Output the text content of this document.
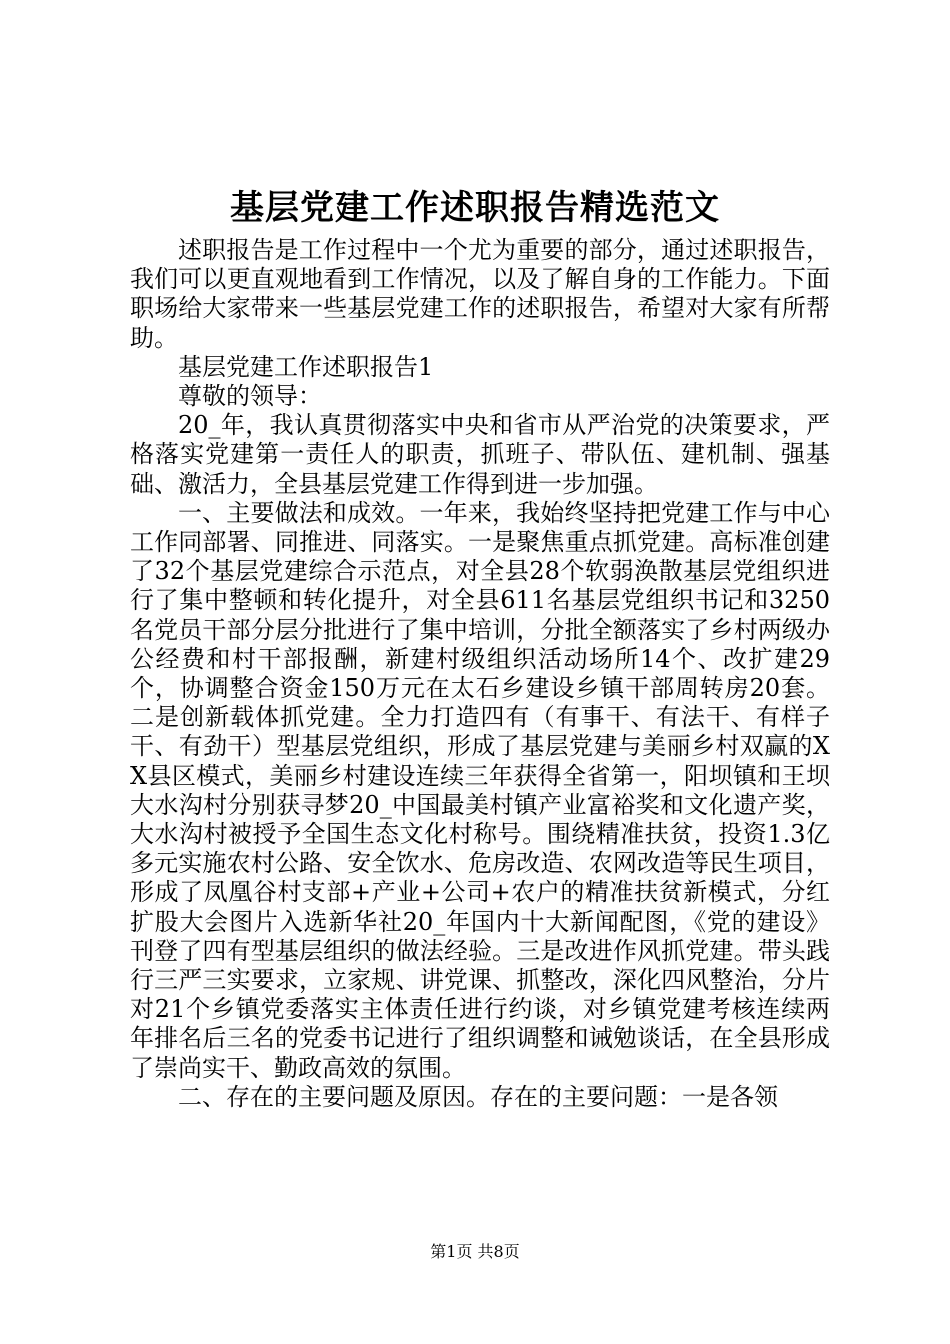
基层党建工作述职报告精选范文

述职报告是工作过程中一个尤为重要的部分，通过述职报告，我们可以更直观地看到工作情况，以及了解自身的工作能力。下面职场给大家带来一些基层党建工作的述职报告，希望对大家有所帮助。

基层党建工作述职报告1

尊敬的领导：

20_年，我认真贯彻落实中央和省市从严治党的决策要求，严格落实党建第一责任人的职责，抓班子、带队伍、建机制、强基础、激活力，全县基层党建工作得到进一步加强。

一、主要做法和成效。一年来，我始终坚持把党建工作与中心工作同部署、同推进、同落实。一是聚焦重点抓党建。高标准创建了32个基层党建综合示范点，对全县28个软弱涣散基层党组织进行了集中整顿和转化提升，对全县611名基层党组织书记和3250名党员干部分层分批进行了集中培训，分批全额落实了乡村两级办公经费和村干部报酬，新建村级组织活动场所14个、改扩建29个，协调整合资金150万元在太石乡建设乡镇干部周转房20套。二是创新载体抓党建。全力打造四有（有事干、有法干、有样子干、有劲干）型基层党组织，形成了基层党建与美丽乡村双赢的XX县区模式，美丽乡村建设连续三年获得全省第一，阳坝镇和王坝大水沟村分别获寻梦20_中国最美村镇产业富裕奖和文化遗产奖，大水沟村被授予全国生态文化村称号。围绕精准扶贫，投资1.3亿多元实施农村公路、安全饮水、危房改造、农网改造等民生项目，形成了凤凰谷村支部+产业+公司+农户的精准扶贫新模式，分红扩股大会图片入选新华社20_年国内十大新闻配图，《党的建设》刊登了四有型基层组织的做法经验。三是改进作风抓党建。带头践行三严三实要求，立家规、讲党课、抓整改，深化四风整治，分片对21个乡镇党委落实主体责任进行约谈，对乡镇党建考核连续两年排名后三名的党委书记进行了组织调整和诫勉谈话，在全县形成了崇尚实干、勤政高效的氛围。

二、存在的主要问题及原因。存在的主要问题：一是各领

第1页 共8页
